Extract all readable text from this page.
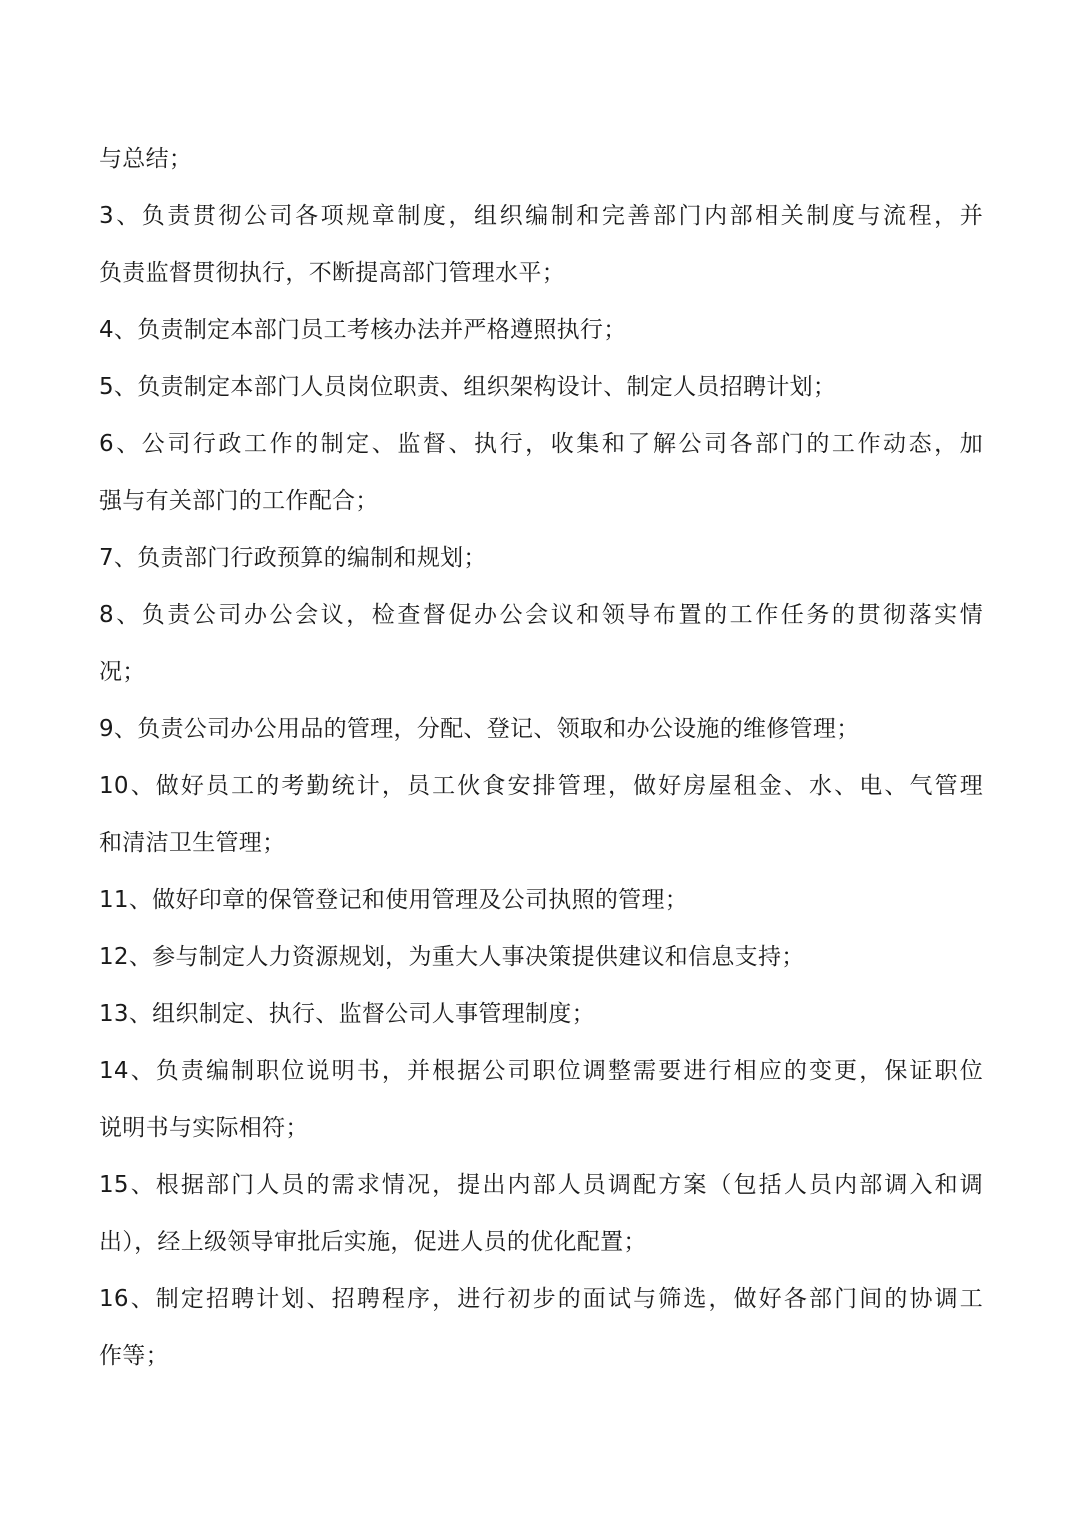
与总结；
3、负责贯彻公司各项规章制度，组织编制和完善部门内部相关制度与流程，并
负责监督贯彻执行，不断提高部门管理水平；
4、负责制定本部门员工考核办法并严格遵照执行；
5、负责制定本部门人员岗位职责、组织架构设计、制定人员招聘计划；
6、公司行政工作的制定、监督、执行，收集和了解公司各部门的工作动态，加
强与有关部门的工作配合；
7、负责部门行政预算的编制和规划；
8、负责公司办公会议，检查督促办公会议和领导布置的工作任务的贯彻落实情
况；
9、负责公司办公用品的管理，分配、登记、领取和办公设施的维修管理；
10、做好员工的考勤统计，员工伙食安排管理，做好房屋租金、水、电、气管理
和清洁卫生管理；
11、做好印章的保管登记和使用管理及公司执照的管理；
12、参与制定人力资源规划，为重大人事决策提供建议和信息支持；
13、组织制定、执行、监督公司人事管理制度；
14、负责编制职位说明书，并根据公司职位调整需要进行相应的变更，保证职位
说明书与实际相符；
15、根据部门人员的需求情况，提出内部人员调配方案（包括人员内部调入和调
出），经上级领导审批后实施，促进人员的优化配置；
16、制定招聘计划、招聘程序，进行初步的面试与筛选，做好各部门间的协调工
作等；
